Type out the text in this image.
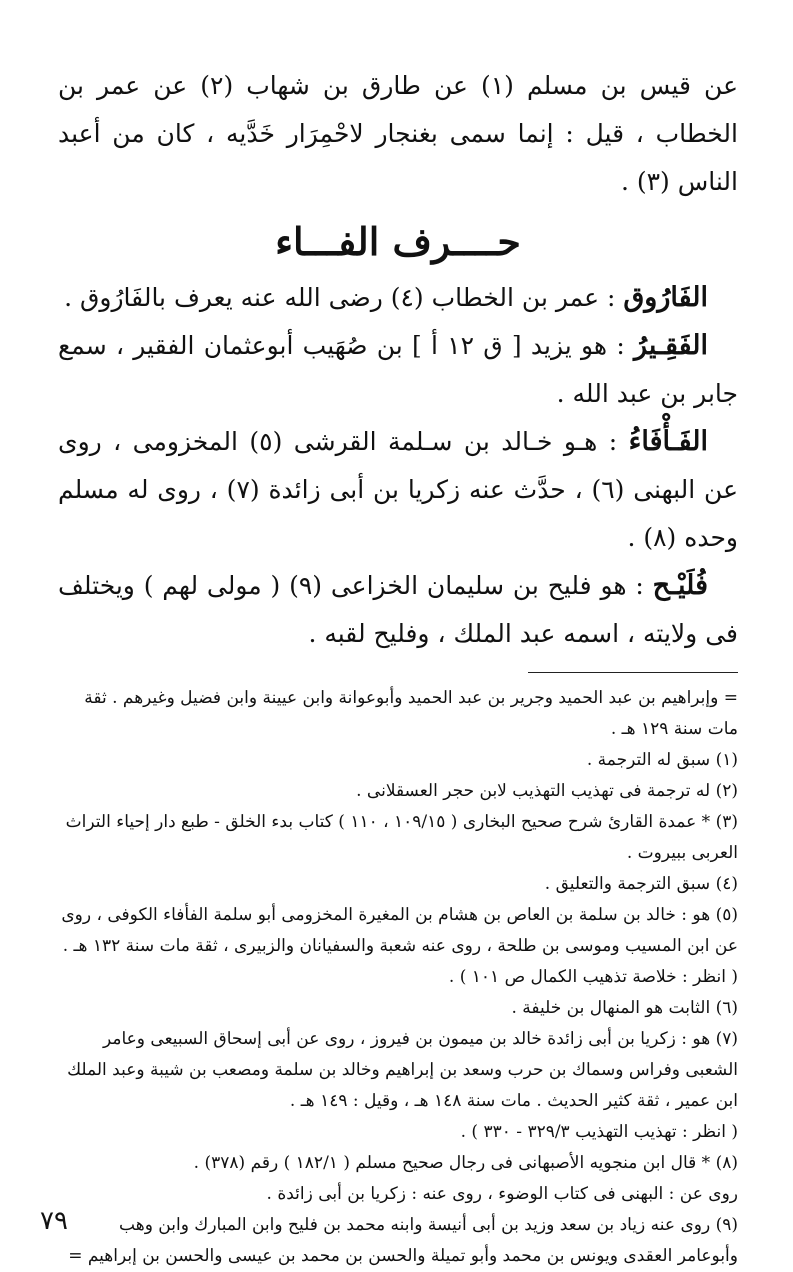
عن قيس بن مسلم (١) عن طارق بن شهاب (٢) عن عمر بن الخطاب ، قيل : إنما سمى بغنجار لاحْمِرَار خَدَّيه ، كان من أعبد الناس (٣) .

حــــرف الفـــاء

الفَارُوق : عمر بن الخطاب (٤) رضى الله عنه يعرف بالفَارُوق .

الفَقِـيرُ : هو يزيد [ ق ١٢ أ ] بن صُهَيب أبوعثمان الفقير ، سمع جابر بن عبد الله .

الفَـأْفَاءُ : هـو خـالد بن سـلمة القرشى (٥) المخزومى ، روى عن البهنى (٦) ، حدَّث عنه زكريا بن أبى زائدة (٧) ، روى له مسلم وحده (٨) .

فُلَيْـح : هو فليح بن سليمان الخزاعى (٩) ( مولى لهم ) ويختلف فى ولايته ، اسمه عبد الملك ، وفليح لقبه .

= وإبراهيم بن عبد الحميد وجرير بن عبد الحميد وأبوعوانة وابن عيينة وابن فضيل وغيرهم . ثقة مات سنة ١٢٩ هـ .

(١) سبق له الترجمة .

(٢) له ترجمة فى تهذيب التهذيب لابن حجر العسقلانى .

(٣) * عمدة القارئ شرح صحيح البخارى ( ١٠٩/١٥ ، ١١٠ ) كتاب بدء الخلق - طبع دار إحياء التراث العربى ببيروت .

(٤) سبق الترجمة والتعليق .

(٥) هو : خالد بن سلمة بن العاص بن هشام بن المغيرة المخزومى أبو سلمة الفأفاء الكوفى ، روى عن ابن المسيب وموسى بن طلحة ، روى عنه شعبة والسفيانان والزبيرى ، ثقة مات سنة ١٣٢ هـ .

( انظر : خلاصة تذهيب الكمال ص ١٠١ ) .

(٦) الثابت هو المنهال بن خليفة .

(٧) هو : زكريا بن أبى زائدة خالد بن ميمون بن فيروز ، روى عن أبى إسحاق السبيعى وعامر الشعبى وفراس وسماك بن حرب وسعد بن إبراهيم وخالد بن سلمة ومصعب بن شيبة وعبد الملك ابن عمير ، ثقة كثير الحديث . مات سنة ١٤٨ هـ ، وقيل : ١٤٩ هـ .

( انظر : تهذيب التهذيب ٣٢٩/٣ - ٣٣٠ ) .

(٨) * قال ابن منجويه الأصبهانى فى رجال صحيح مسلم ( ١٨٢/١ ) رقم (٣٧٨) .

روى عن : البهنى فى كتاب الوضوء ، روى عنه : زكريا بن أبى زائدة .

(٩) روى عنه زياد بن سعد وزيد بن أبى أنيسة وابنه محمد بن فليح وابن المبارك وابن وهب وأبوعامر العقدى ويونس بن محمد وأبو تميلة والحسن بن محمد بن عيسى والحسن بن إبراهيم =

٧٩
